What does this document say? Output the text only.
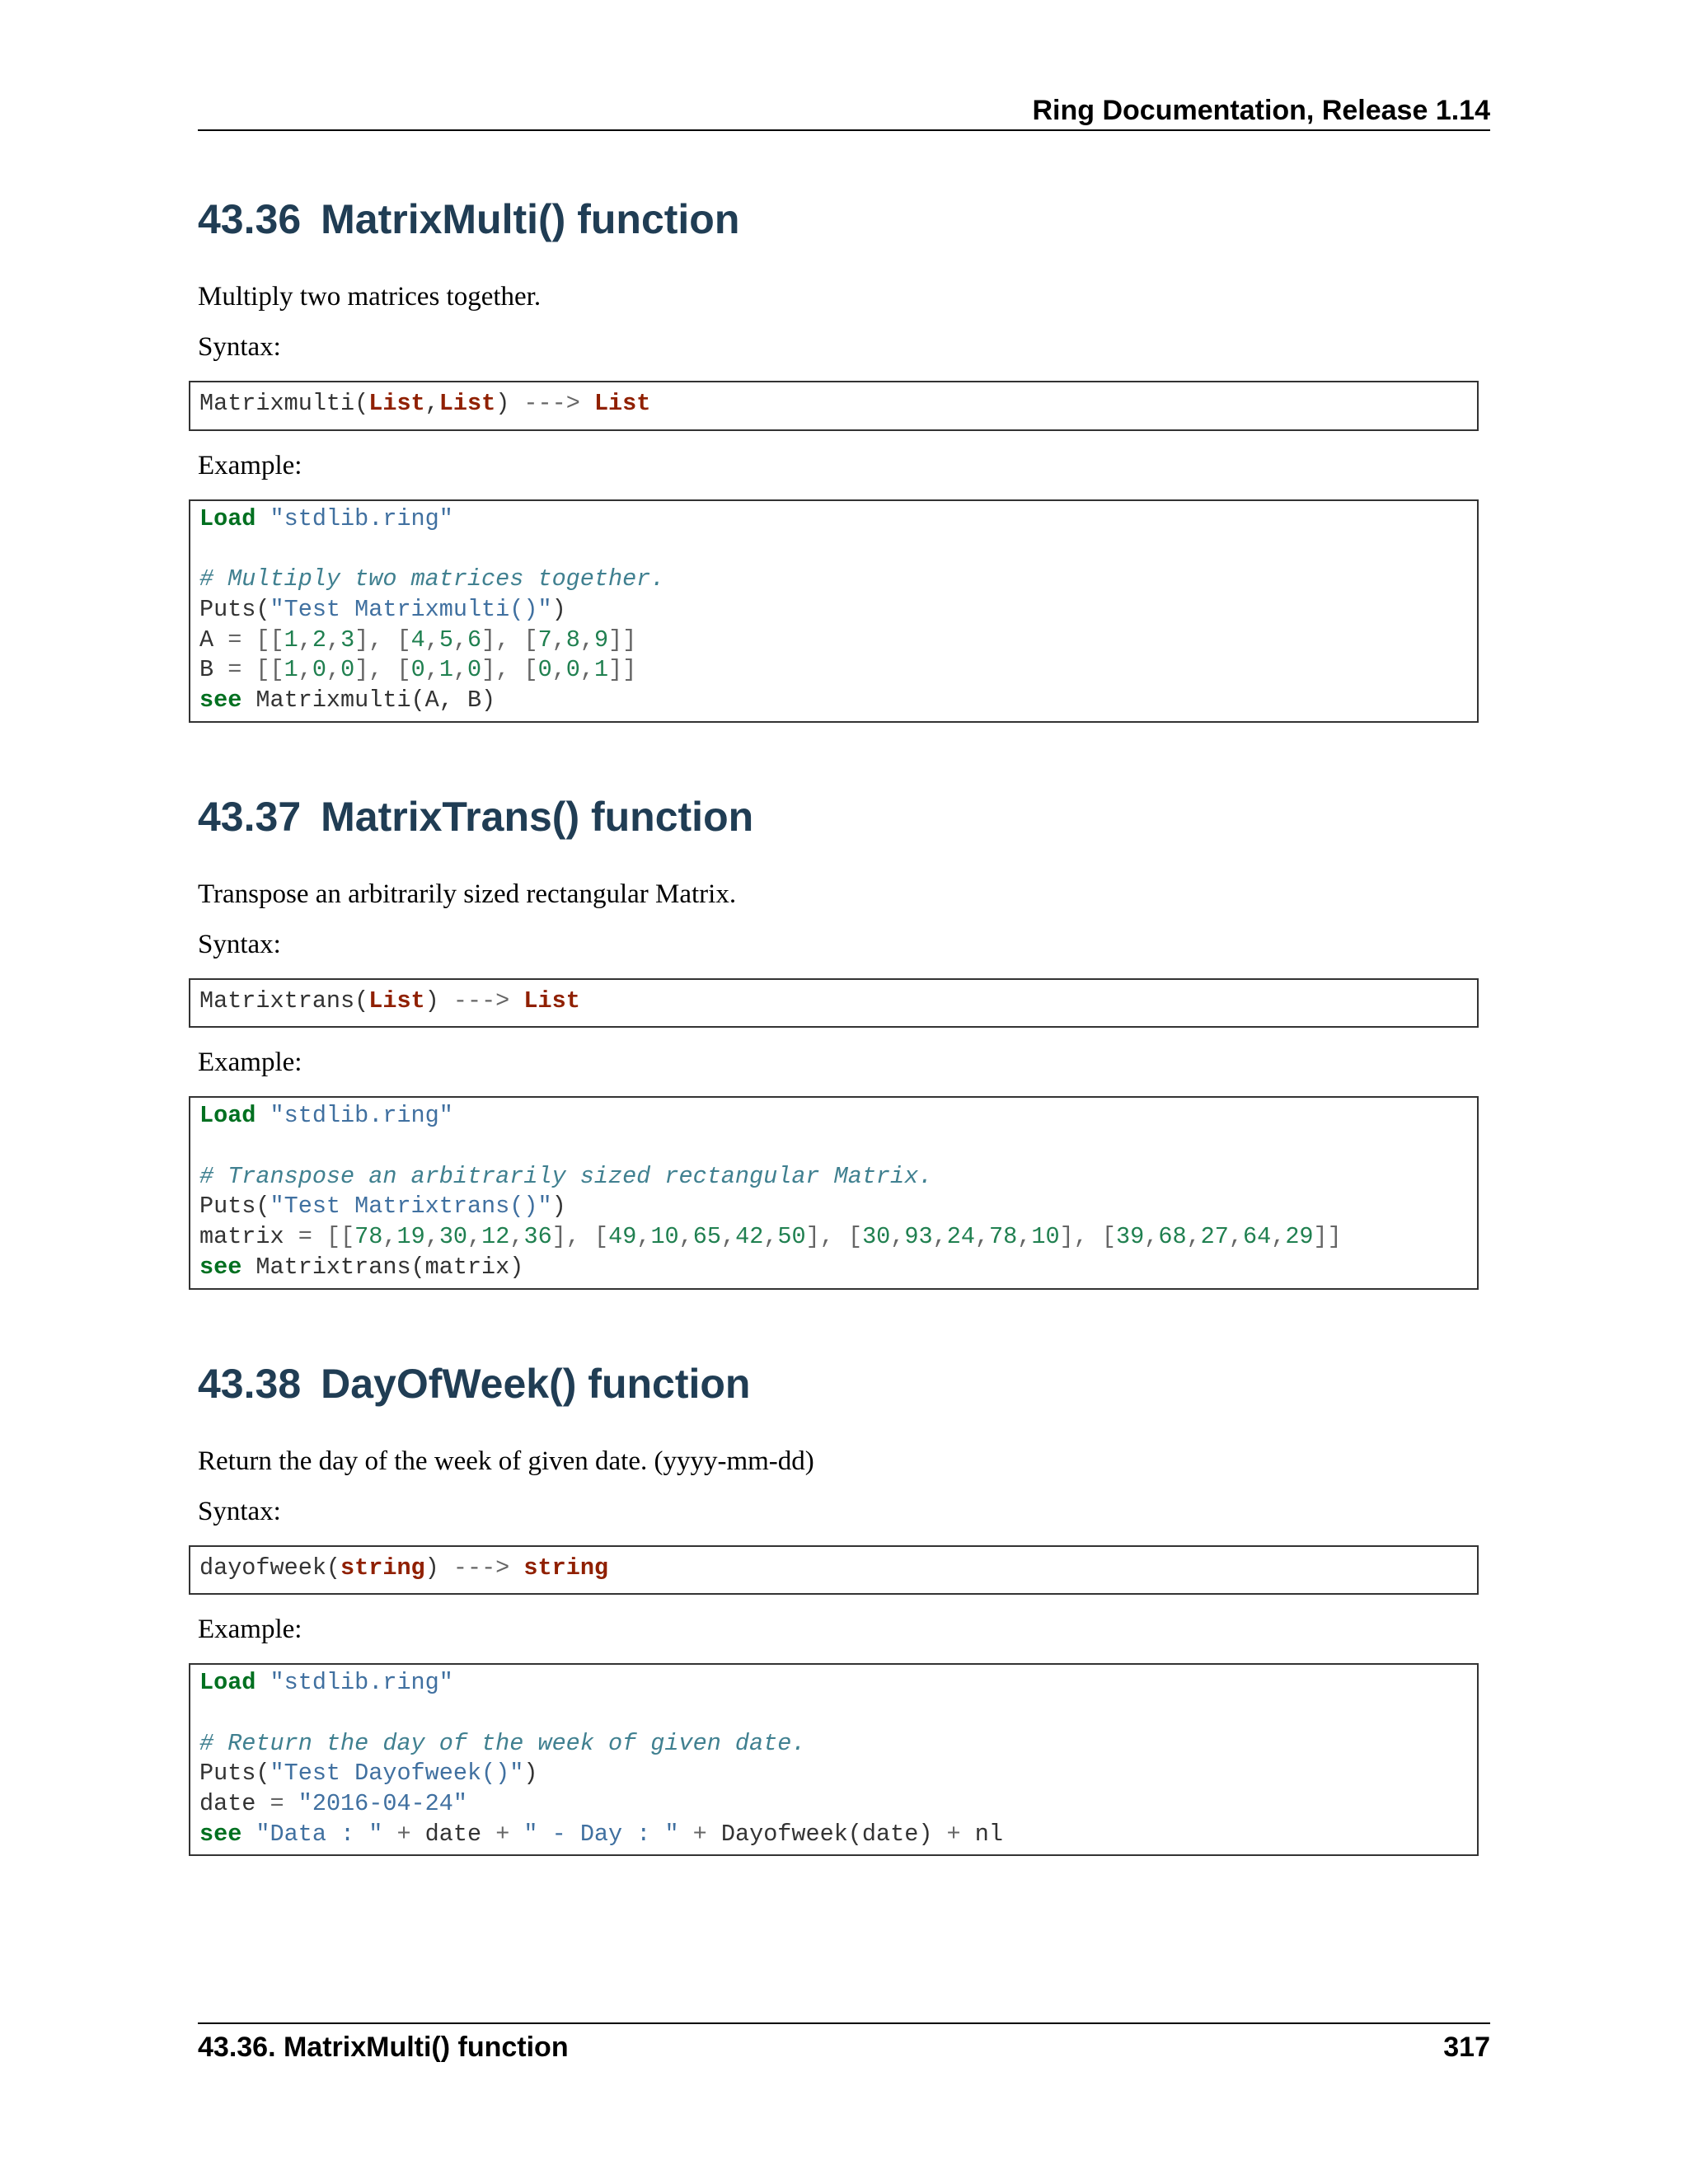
Ring Documentation, Release 1.14
43.36 MatrixMulti() function

Multiply two matrices together.

Syntax:

Matrixmulti(List,List) ---> List

Example:

Load "stdlib.ring"

# Multiply two matrices together.
Puts("Test Matrixmulti()")
A = [[1,2,3], [4,5,6], [7,8,9]]
B = [[1,0,0], [0,1,0], [0,0,1]]
see Matrixmulti(A, B)
43.37 MatrixTrans() function

Transpose an arbitrarily sized rectangular Matrix.

Syntax:

Matrixtrans(List) ---> List

Example:

Load "stdlib.ring"

# Transpose an arbitrarily sized rectangular Matrix.
Puts("Test Matrixtrans()")
matrix = [[78,19,30,12,36], [49,10,65,42,50], [30,93,24,78,10], [39,68,27,64,29]]
see Matrixtrans(matrix)
43.38 DayOfWeek() function

Return the day of the week of given date. (yyyy-mm-dd)

Syntax:

dayofweek(string) ---> string

Example:

Load "stdlib.ring"

# Return the day of the week of given date.
Puts("Test Dayofweek()")
date = "2016-04-24"
see "Data : " + date + " - Day : " + Dayofweek(date) + nl
43.36. MatrixMulti() function	317
